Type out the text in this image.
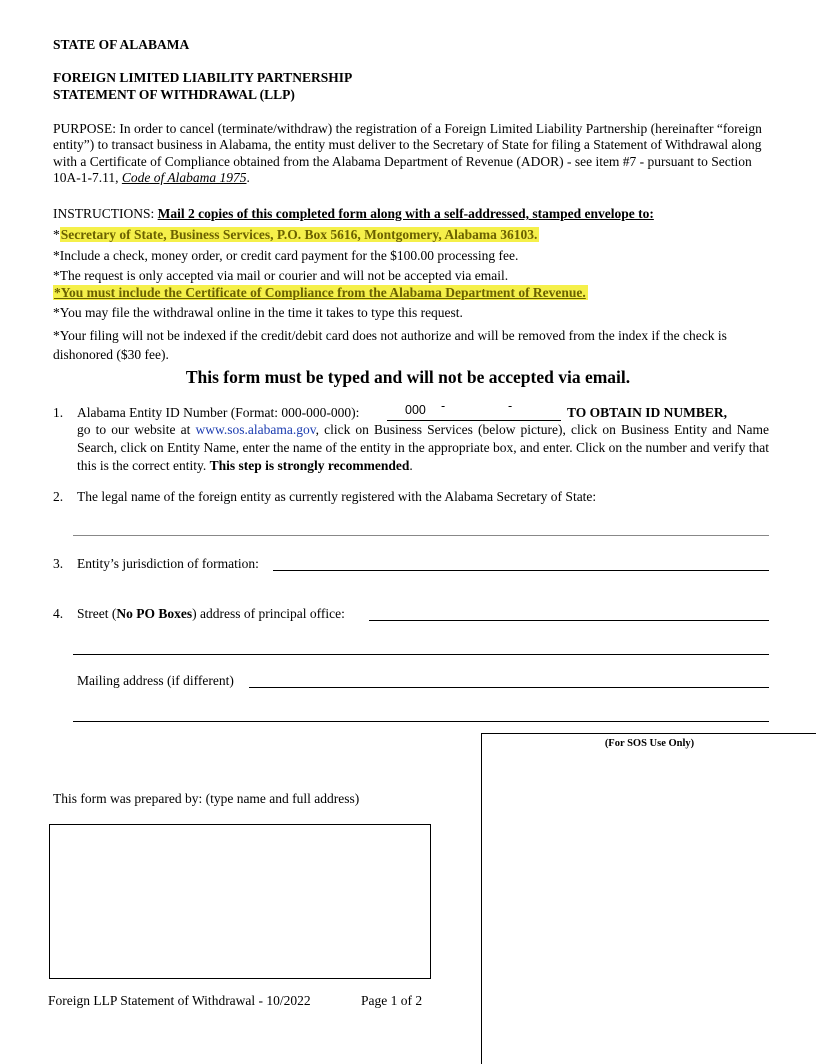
STATE OF ALABAMA
FOREIGN LIMITED LIABILITY PARTNERSHIP
STATEMENT OF WITHDRAWAL (LLP)
PURPOSE: In order to cancel (terminate/withdraw) the registration of a Foreign Limited Liability Partnership (hereinafter “foreign entity”) to transact business in Alabama, the entity must deliver to the Secretary of State for filing a Statement of Withdrawal along with a Certificate of Compliance obtained from the Alabama Department of Revenue (ADOR) - see item #7 - pursuant to Section 10A-1-7.11, Code of Alabama 1975.
INSTRUCTIONS: Mail 2 copies of this completed form along with a self-addressed, stamped envelope to:
*Secretary of State, Business Services, P.O. Box 5616, Montgomery, Alabama 36103.
*Include a check, money order, or credit card payment for the $100.00 processing fee.
*The request is only accepted via mail or courier and will not be accepted via email.
*You must include the Certificate of Compliance from the Alabama Department of Revenue.
*You may file the withdrawal online in the time it takes to type this request.
*Your filing will not be indexed if the credit/debit card does not authorize and will be removed from the index if the check is dishonored ($30 fee).
This form must be typed and will not be accepted via email.
1. Alabama Entity ID Number (Format: 000-000-000):	000 -	-	TO OBTAIN ID NUMBER,
go to our website at www.sos.alabama.gov, click on Business Services (below picture), click on Business Entity and Name Search, click on Entity Name, enter the name of the entity in the appropriate box, and enter. Click on the number and verify that this is the correct entity. This step is strongly recommended.
2. The legal name of the foreign entity as currently registered with the Alabama Secretary of State:
3. Entity’s jurisdiction of formation:
4. Street (No PO Boxes) address of principal office:
Mailing address (if different)
(For SOS Use Only)
This form was prepared by: (type name and full address)
Foreign LLP Statement of Withdrawal - 10/2022	Page 1 of 2
